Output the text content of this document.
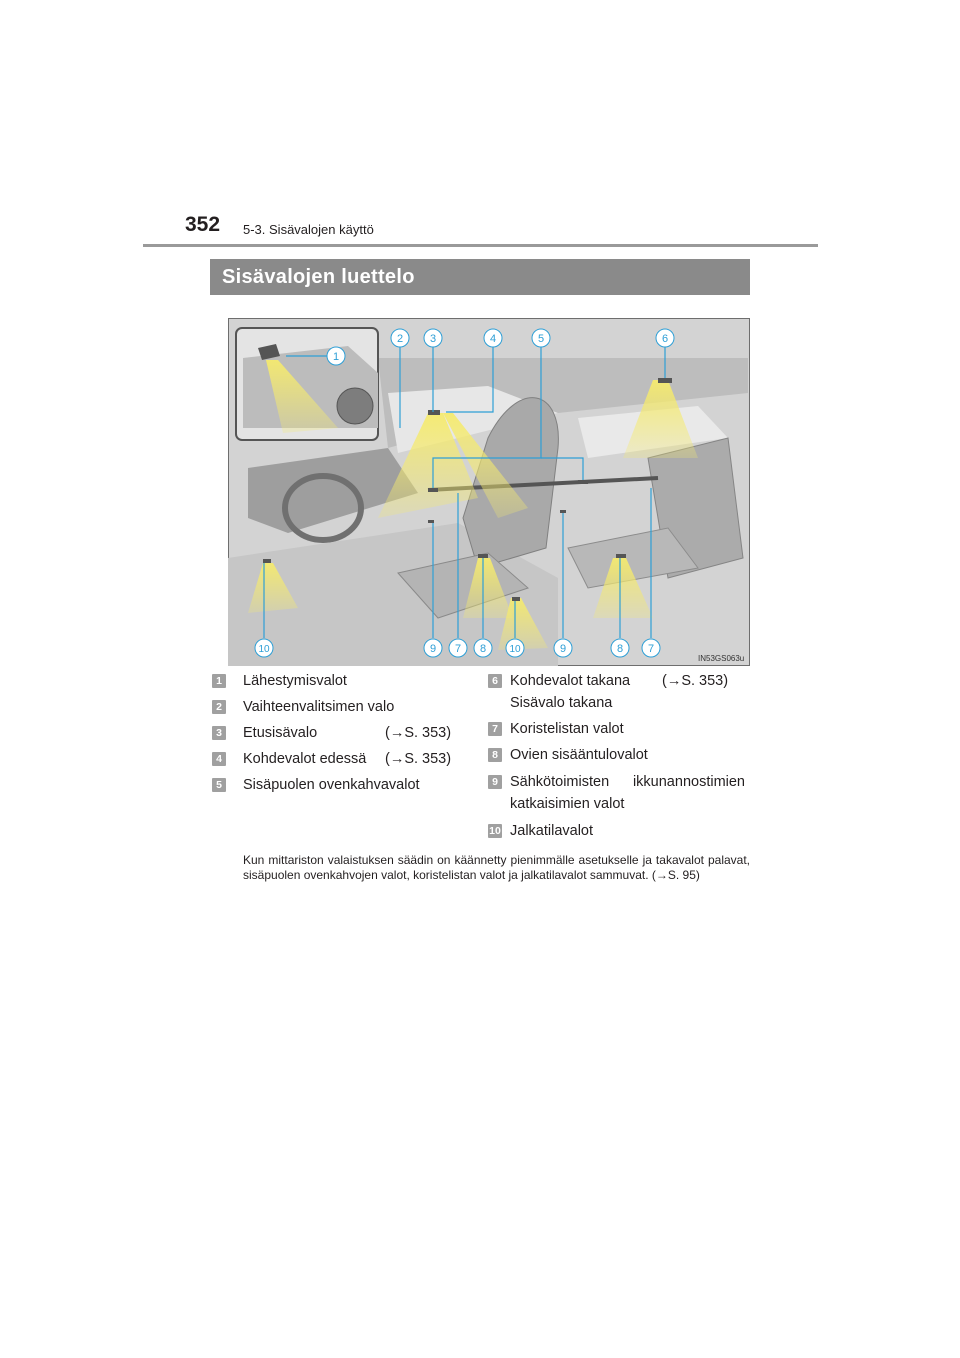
352 5-3. Sisävalojen käyttö
Sisävalojen luettelo
1
2 3	4	5	6
10	9 7 8 10	9	8 7
IN53GS063u
1 Lähestymisvalot
2 Vaihteenvalitsimen valo
3 Etusisävalo	(→S. 353)
4 Kohdevalot edessä (→S. 353)
5 Sisäpuolen ovenkahvavalot
6 Kohdevalot takana (→S. 353)
Sisävalo takana
7 Koristelistan valot
8 Ovien sisääntulovalot
9 Sähkötoimisten ikkunannostimien
katkaisimien valot
10 Jalkatilavalot
Kun mittariston valaistuksen säädin on käännetty pienimmälle asetukselle ja takavalot palavat, sisäpuolen ovenkahvojen valot, koristelistan valot ja jalkatilavalot sammuvat. (→S. 95)
